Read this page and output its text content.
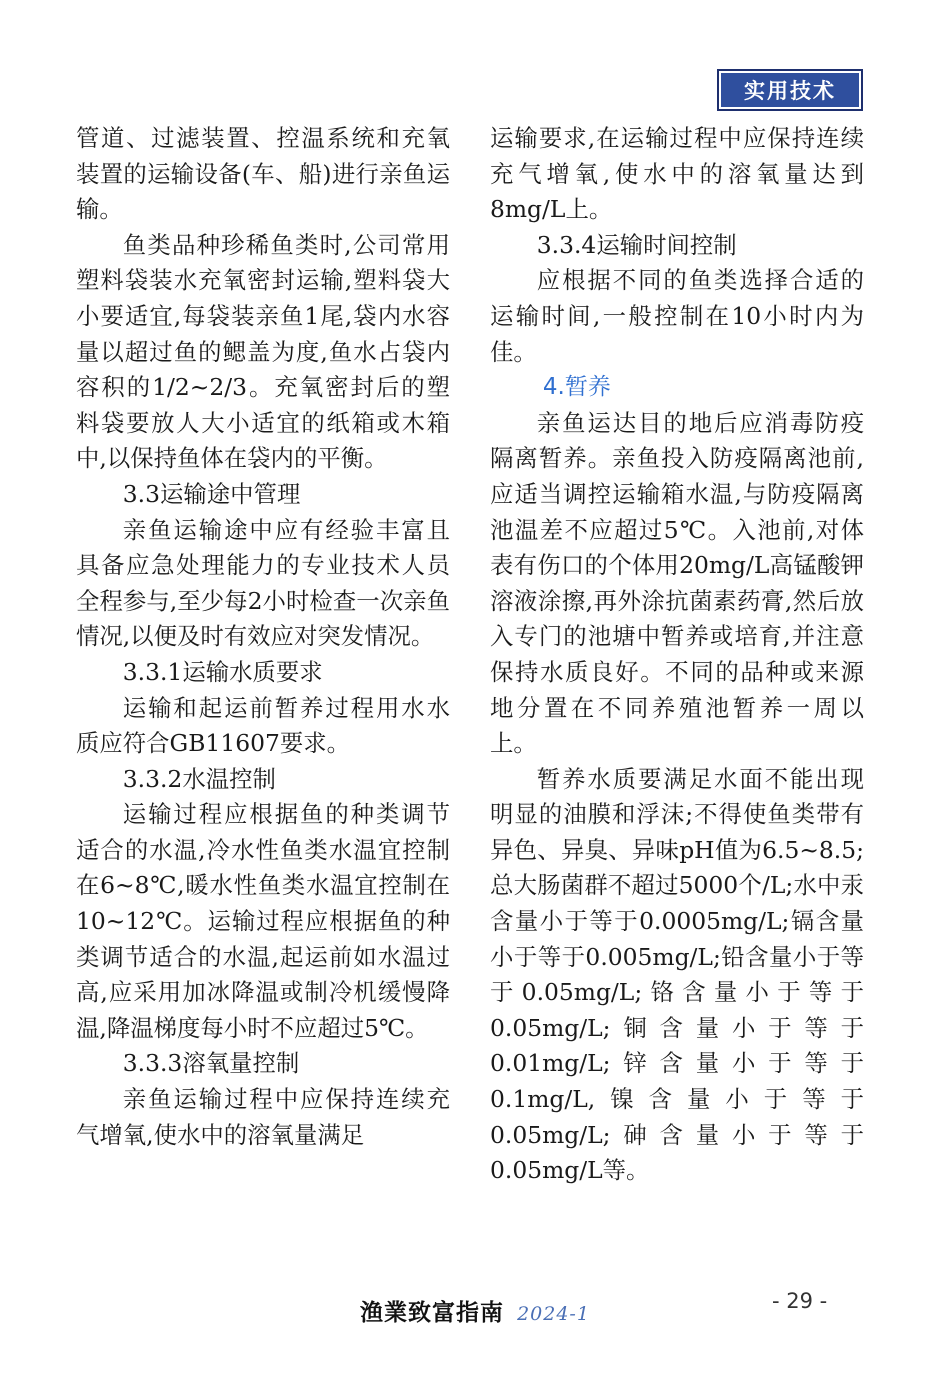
实用技术

管道、过滤装置、控温系统和充氧装置的运输设备(车、船)进行亲鱼运输。

鱼类品种珍稀鱼类时,公司常用塑料袋装水充氧密封运输,塑料袋大小要适宜,每袋装亲鱼1尾,袋内水容量以超过鱼的鳃盖为度,鱼水占袋内容积的1/2~2/3。充氧密封后的塑料袋要放人大小适宜的纸箱或木箱中,以保持鱼体在袋内的平衡。

3.3运输途中管理

亲鱼运输途中应有经验丰富且具备应急处理能力的专业技术人员全程参与,至少每2小时检查一次亲鱼情况,以便及时有效应对突发情况。

3.3.1运输水质要求

运输和起运前暂养过程用水水质应符合GB11607要求。

3.3.2水温控制

运输过程应根据鱼的种类调节适合的水温,冷水性鱼类水温宜控制在6~8℃,暖水性鱼类水温宜控制在10~12℃。运输过程应根据鱼的种类调节适合的水温,起运前如水温过高,应采用加冰降温或制冷机缓慢降温,降温梯度每小时不应超过5℃。

3.3.3溶氧量控制

亲鱼运输过程中应保持连续充气增氧,使水中的溶氧量满足

运输要求,在运输过程中应保持连续充气增氧,使水中的溶氧量达到8mg/L上。

3.3.4运输时间控制

应根据不同的鱼类选择合适的运输时间,一般控制在10小时内为佳。

4.暂养

亲鱼运达目的地后应消毒防疫隔离暂养。亲鱼投入防疫隔离池前,应适当调控运输箱水温,与防疫隔离池温差不应超过5℃。入池前,对体表有伤口的个体用20mg/L高锰酸钾溶液涂擦,再外涂抗菌素药膏,然后放入专门的池塘中暂养或培育,并注意保持水质良好。不同的品种或来源地分置在不同养殖池暂养一周以上。

暂养水质要满足水面不能出现明显的油膜和浮沫;不得使鱼类带有异色、异臭、异味pH值为6.5~8.5;总大肠菌群不超过5000个/L;水中汞含量小于等于0.0005mg/L;镉含量小于等于0.005mg/L;铅含量小于等于0.05mg/L;铬含量小于等于0.05mg/L;铜含量小于等于0.01mg/L;锌含量小于等于0.1mg/L,镍含量小于等于0.05mg/L;砷含量小于等于0.05mg/L等。

渔業致富指南 2024-1
- 29 -
